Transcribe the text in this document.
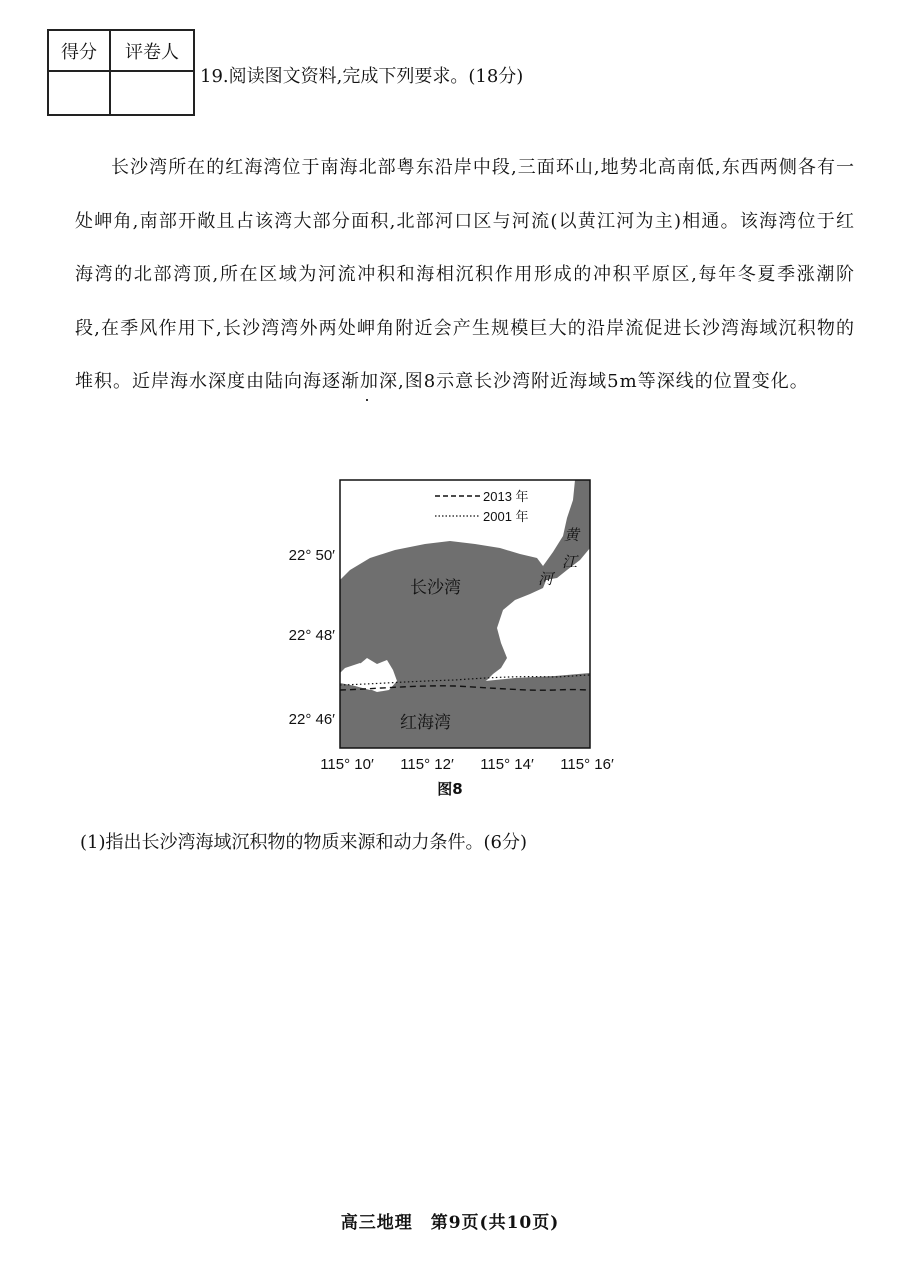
得分	评卷人

19.阅读图文资料,完成下列要求。(18分)
长沙湾所在的红海湾位于南海北部粤东沿岸中段,三面环山,地势北高南低,东西两侧各有一处岬角,南部开敞且占该湾大部分面积,北部河口区与河流(以黄江河为主)相通。该海湾位于红海湾的北部湾顶,所在区域为河流冲积和海相沉积作用形成的冲积平原区,每年冬夏季涨潮阶段,在季风作用下,长沙湾湾外两处岬角附近会产生规模巨大的沿岸流促进长沙湾海域沉积物的堆积。近岸海水深度由陆向海逐渐加深,图8示意长沙湾附近海域5m等深线的位置变化。
2013 年
2001 年
长沙湾
红海湾
黄
江
河
22° 50′
22° 48′
22° 46′
115° 10′ 115° 12′ 115° 14′ 115° 16′
图8
(1)指出长沙湾海域沉积物的物质来源和动力条件。(6分)
高三地理　第9页(共10页)
